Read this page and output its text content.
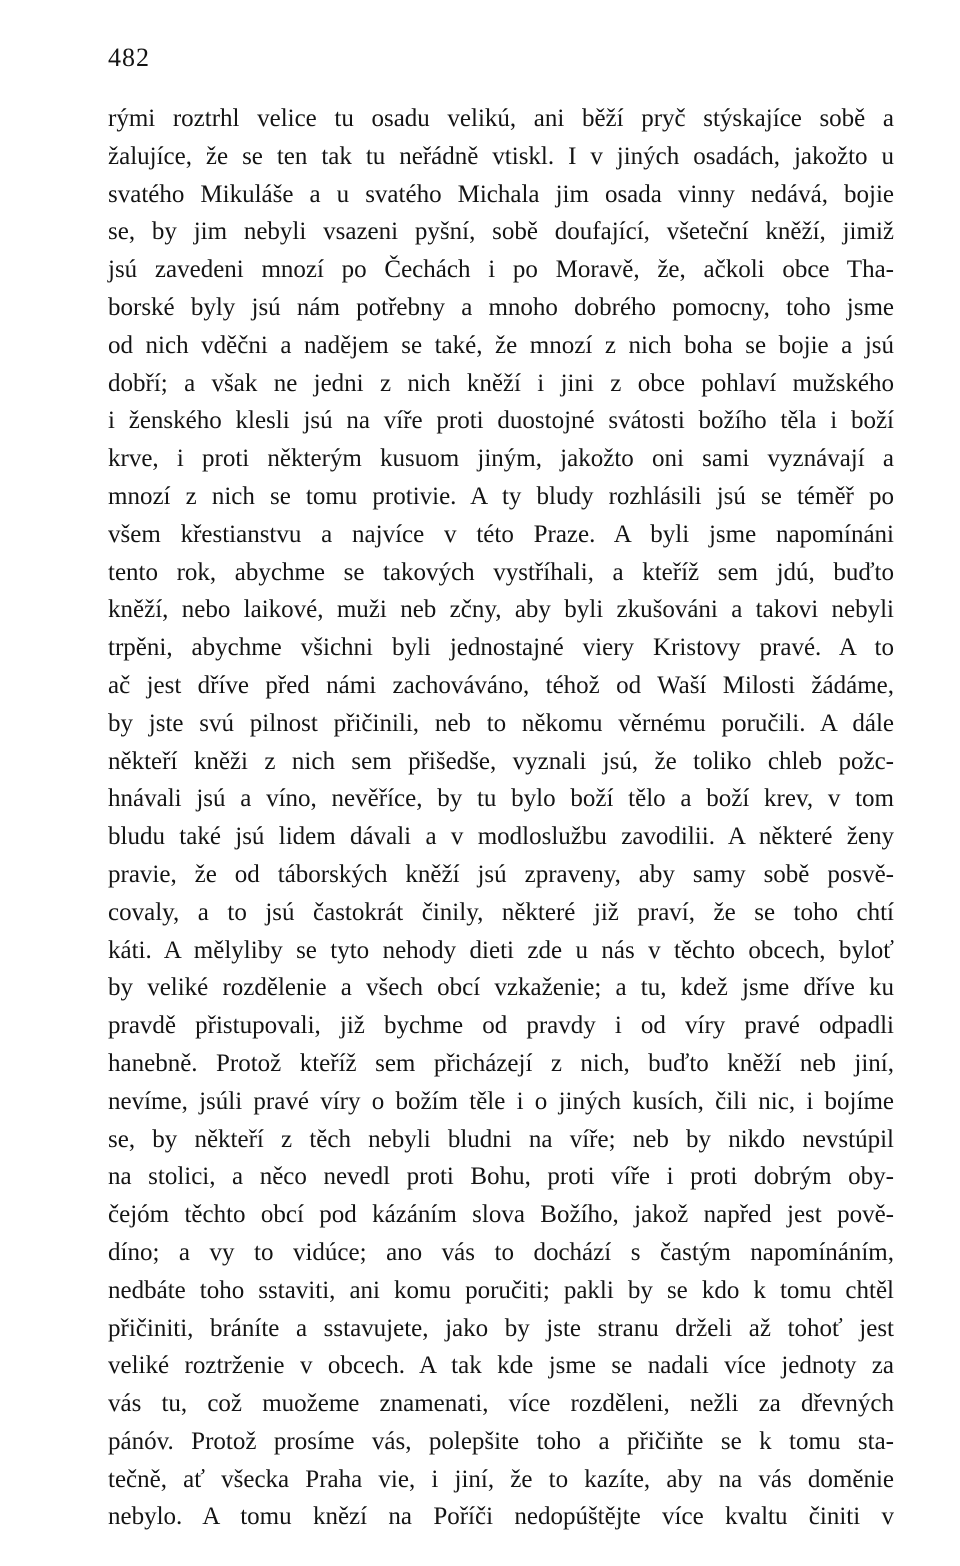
482
rými roztrhl velice tu osadu velikú, ani běží pryč stýskajíce sobě a
žalujíce, že se ten tak tu neřádně vtiskl. I v jiných osadách, jakožto u
svatého Mikuláše a u svatého Michala jim osada vinny nedává, bojie
se, by jim nebyli vsazeni pyšní, sobě doufající, všeteční kněží, jimiž
jsú zavedeni mnozí po Čechách i po Moravě, že, ačkoli obce Tha-
borské byly jsú nám potřebny a mnoho dobrého pomocny, toho jsme
od nich vděčni a nadějem se také, že mnozí z nich boha se bojie a jsú
dobří; a však ne jedni z nich kněží i jini z obce pohlaví mužského
i ženského klesli jsú na víře proti duostojné svátosti božího těla i boží
krve, i proti některým kusuom jiným, jakožto oni sami vyznávají a
mnozí z nich se tomu protivie. A ty bludy rozhlásili jsú se téměř po
všem křestianstvu a najvíce v této Praze. A byli jsme napomínáni
tento rok, abychme se takových vystříhali, a kteříž sem jdú, buďto
kněží, nebo laikové, muži neb zčny, aby byli zkušováni a takovi nebyli
trpěni, abychme všichni byli jednostajné viery Kristovy pravé. A to
ač jest dříve před námi zachováváno, téhož od Waší Milosti žádáme,
by jste svú pilnost přičinili, neb to někomu věrnému poručili. A dále
někteří kněži z nich sem přišedše, vyznali jsú, že toliko chleb požc-
hnávali jsú a víno, nevěříce, by tu bylo boží tělo a boží krev, v tom
bludu také jsú lidem dávali a v modloslužbu zavodilii. A některé ženy
pravie, že od táborských kněží jsú zpraveny, aby samy sobě posvě-
covaly, a to jsú častokrát činily, některé již praví, že se toho chtí
káti. A mělyliby se tyto nehody dieti zde u nás v těchto obcech, bylоť
by veliké rozdělenie a všech obcí vzkaženie; a tu, kdež jsme dříve ku
pravdě přistupovali, již bychme od pravdy i od víry pravé odpadli
hanebně. Protož kteříž sem přicházejí z nich, buďto kněží neb jiní,
nevíme, jsúli pravé víry o božím těle i o jiných kusích, čili nic, i bojíme
se, by někteří z těch nebyli bludni na víře; neb by nikdo nevstúpil
na stolici, a něco nevedl proti Bohu, proti víře i proti dobrým oby-
čejóm těchto obcí pod kázáním slova Božího, jakož napřed jest pově-
díno; a vy to vidúce; ano vás to dochází s častým napomínáním,
nedbáte toho sstaviti, ani komu poručiti; pakli by se kdo k tomu chtěl
přičiniti, bráníte a sstavujete, jako by jste stranu drželi až tohoť jest
veliké roztrženie v obcech. A tak kde jsme se nadali více jednoty za
vás tu, což muožeme znamenati, více rozděleni, nežli za dřevných
pánóv. Protož prosíme vás, polepšite toho a přičiňte se k tomu sta-
tečně, ať všecka Praha vie, i jiní, že to kazíte, aby na vás doměnie
nebylo. A tomu knězí na Poříči nedopúštějte více kvaltu činiti v
